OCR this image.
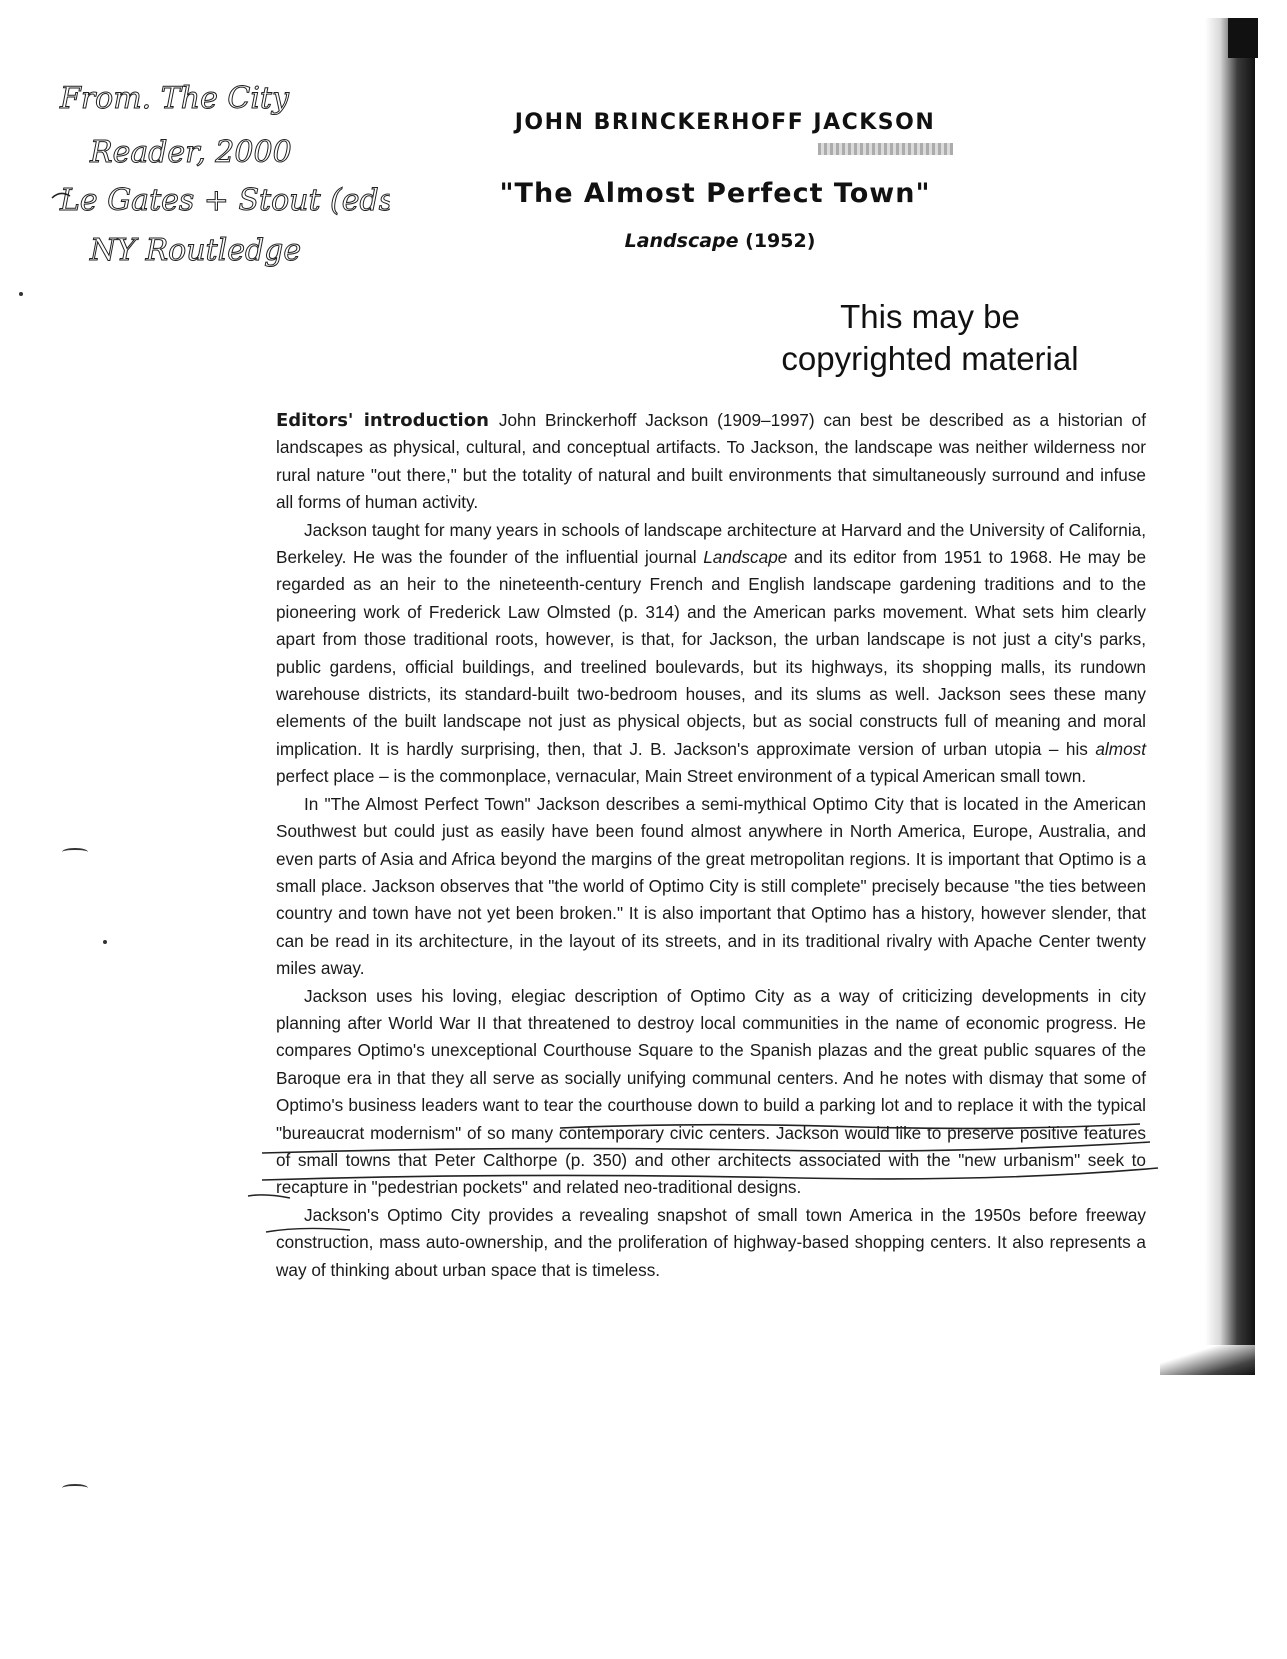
From. The City
Reader, 2000
Le Gates + Stout (eds)
NY Routledge
JOHN BRINCKERHOFF JACKSON
"The Almost Perfect Town"
Landscape (1952)
This may be
copyrighted material

Editors' introduction John Brinckerhoff Jackson (1909–1997) can best be described as a historian of landscapes as physical, cultural, and conceptual artifacts. To Jackson, the landscape was neither wilderness nor rural nature "out there," but the totality of natural and built environments that simultaneously surround and infuse all forms of human activity.

Jackson taught for many years in schools of landscape architecture at Harvard and the University of California, Berkeley. He was the founder of the influential journal Landscape and its editor from 1951 to 1968. He may be regarded as an heir to the nineteenth-century French and English landscape gardening traditions and to the pioneering work of Frederick Law Olmsted (p. 314) and the American parks movement. What sets him clearly apart from those traditional roots, however, is that, for Jackson, the urban landscape is not just a city's parks, public gardens, official buildings, and treelined boulevards, but its highways, its shopping malls, its rundown warehouse districts, its standard-built two-bedroom houses, and its slums as well. Jackson sees these many elements of the built landscape not just as physical objects, but as social constructs full of meaning and moral implication. It is hardly surprising, then, that J. B. Jackson's approximate version of urban utopia – his almost perfect place – is the commonplace, vernacular, Main Street environment of a typical American small town.

In "The Almost Perfect Town" Jackson describes a semi-mythical Optimo City that is located in the American Southwest but could just as easily have been found almost anywhere in North America, Europe, Australia, and even parts of Asia and Africa beyond the margins of the great metropolitan regions. It is important that Optimo is a small place. Jackson observes that "the world of Optimo City is still complete" precisely because "the ties between country and town have not yet been broken." It is also important that Optimo has a history, however slender, that can be read in its architecture, in the layout of its streets, and in its traditional rivalry with Apache Center twenty miles away.

Jackson uses his loving, elegiac description of Optimo City as a way of criticizing developments in city planning after World War II that threatened to destroy local communities in the name of economic progress. He compares Optimo's unexceptional Courthouse Square to the Spanish plazas and the great public squares of the Baroque era in that they all serve as socially unifying communal centers. And he notes with dismay that some of Optimo's business leaders want to tear the courthouse down to build a parking lot and to replace it with the typical "bureaucrat modernism" of so many contemporary civic centers. Jackson would like to preserve positive features of small towns that Peter Calthorpe (p. 350) and other architects associated with the "new urbanism" seek to recapture in "pedestrian pockets" and related neo-traditional designs.

Jackson's Optimo City provides a revealing snapshot of small town America in the 1950s before freeway construction, mass auto-ownership, and the proliferation of highway-based shopping centers. It also represents a way of thinking about urban space that is timeless.
